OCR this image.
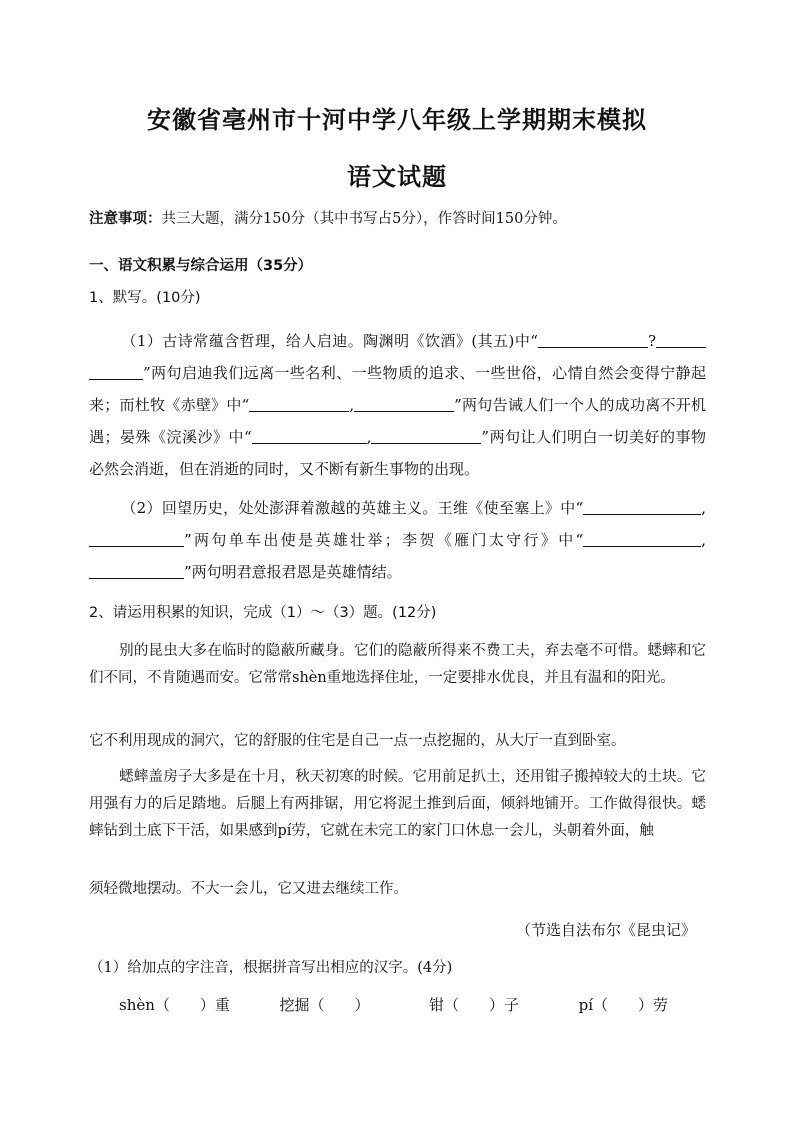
安徽省亳州市十河中学八年级上学期期末模拟
语文试题
注意事项：共三大题，满分150分（其中书写占5分），作答时间150分钟。
一、语文积累与综合运用（35分）
1、默写。(10分)
（1）古诗常蕴含哲理，给人启迪。陶渊明《饮酒》(其五)中“	?”两句启迪我们远离一些名利、一些物质的追求、一些世俗，心情自然会变得宁静起来；而杜牧《赤壁》中“	,	”两句告诫人们一个人的成功离不开机遇；晏殊《浣溪沙》中“	,	”两句让人们明白一切美好的事物必然会消逝，但在消逝的同时，又不断有新生事物的出现。
（2）回望历史，处处澎湃着激越的英雄主义。王维《使至塞上》中“	,”两句单车出使是英雄壮举；李贺《雁门太守行》中“	,”两句明君意报君恩是英雄情结。
2、请运用积累的知识，完成（1）～（3）题。(12分)
别的昆虫大多在临时的隐蔽所藏身。它们的隐蔽所得来不费工夫，弃去毫不可惜。蟋蟀和它们不同，不肯随遇而安。它常常shèn重地选择住址，一定要排水优良，并且有温和的阳光。
它不利用现成的洞穴，它的舒服的住宅是自己一点一点挖掘的，从大厅一直到卧室。
蟋蟀盖房子大多是在十月，秋天初寒的时候。它用前足扒土，还用钳子搬掉较大的土块。它用强有力的后足踏地。后腿上有两排锯，用它将泥土推到后面，倾斜地铺开。工作做得很快。蟋蟀钻到土底下干活，如果感到pí劳，它就在未完工的家门口休息一会儿，头朝着外面，触
须轻微地摆动。不大一会儿，它又进去继续工作。
（节选自法布尔《昆虫记》
（1）给加点的字注音，根据拼音写出相应的汉字。(4分)
shèn（　　）重	挖掘（　　）	钳（　　）子	pí（　　）劳
